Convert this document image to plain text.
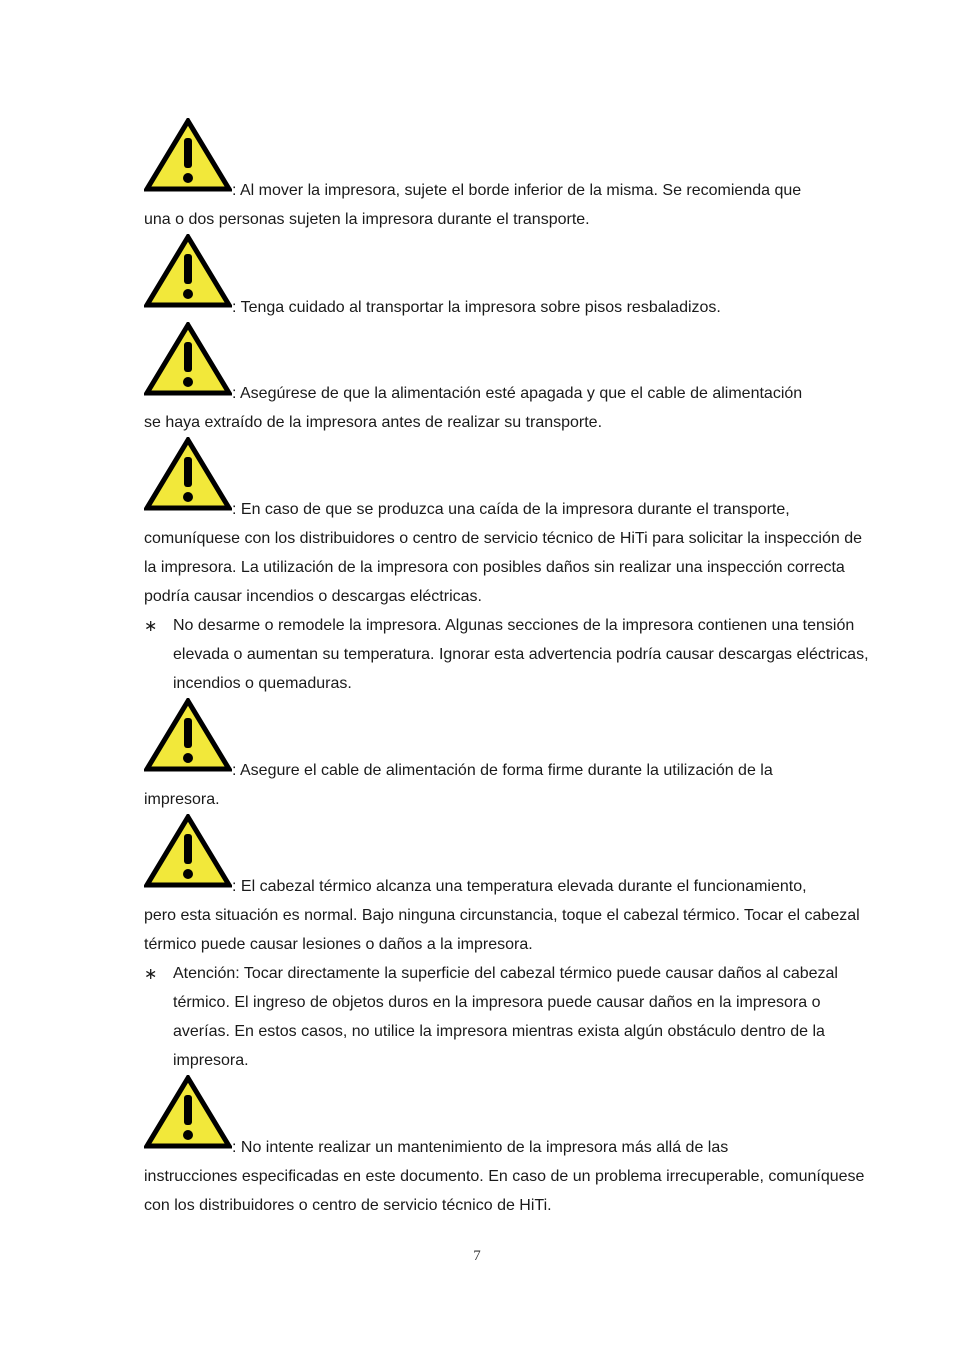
: Al mover la impresora, sujete el borde inferior de la misma. Se recomienda que
una o dos personas sujeten la impresora durante el transporte.
: Tenga cuidado al transportar la impresora sobre pisos resbaladizos.
: Asegúrese de que la alimentación esté apagada y que el cable de alimentación
se haya extraído de la impresora antes de realizar su transporte.
: En caso de que se produzca una caída de la impresora durante el transporte,
comuníquese con los distribuidores o centro de servicio técnico de HiTi para solicitar la inspección de la impresora. La utilización de la impresora con posibles daños sin realizar una inspección correcta podría causar incendios o descargas eléctricas.
∗ No desarme o remodele la impresora. Algunas secciones de la impresora contienen una tensión elevada o aumentan su temperatura. Ignorar esta advertencia podría causar descargas eléctricas, incendios o quemaduras.
: Asegure el cable de alimentación de forma firme durante la utilización de la
impresora.
: El cabezal térmico alcanza una temperatura elevada durante el funcionamiento,
pero esta situación es normal. Bajo ninguna circunstancia, toque el cabezal térmico. Tocar el cabezal térmico puede causar lesiones o daños a la impresora.
∗ Atención: Tocar directamente la superficie del cabezal térmico puede causar daños al cabezal térmico. El ingreso de objetos duros en la impresora puede causar daños en la impresora o averías. En estos casos, no utilice la impresora mientras exista algún obstáculo dentro de la impresora.
: No intente realizar un mantenimiento de la impresora más allá de las
instrucciones especificadas en este documento. En caso de un problema irrecuperable, comuníquese con los distribuidores o centro de servicio técnico de HiTi.
7
